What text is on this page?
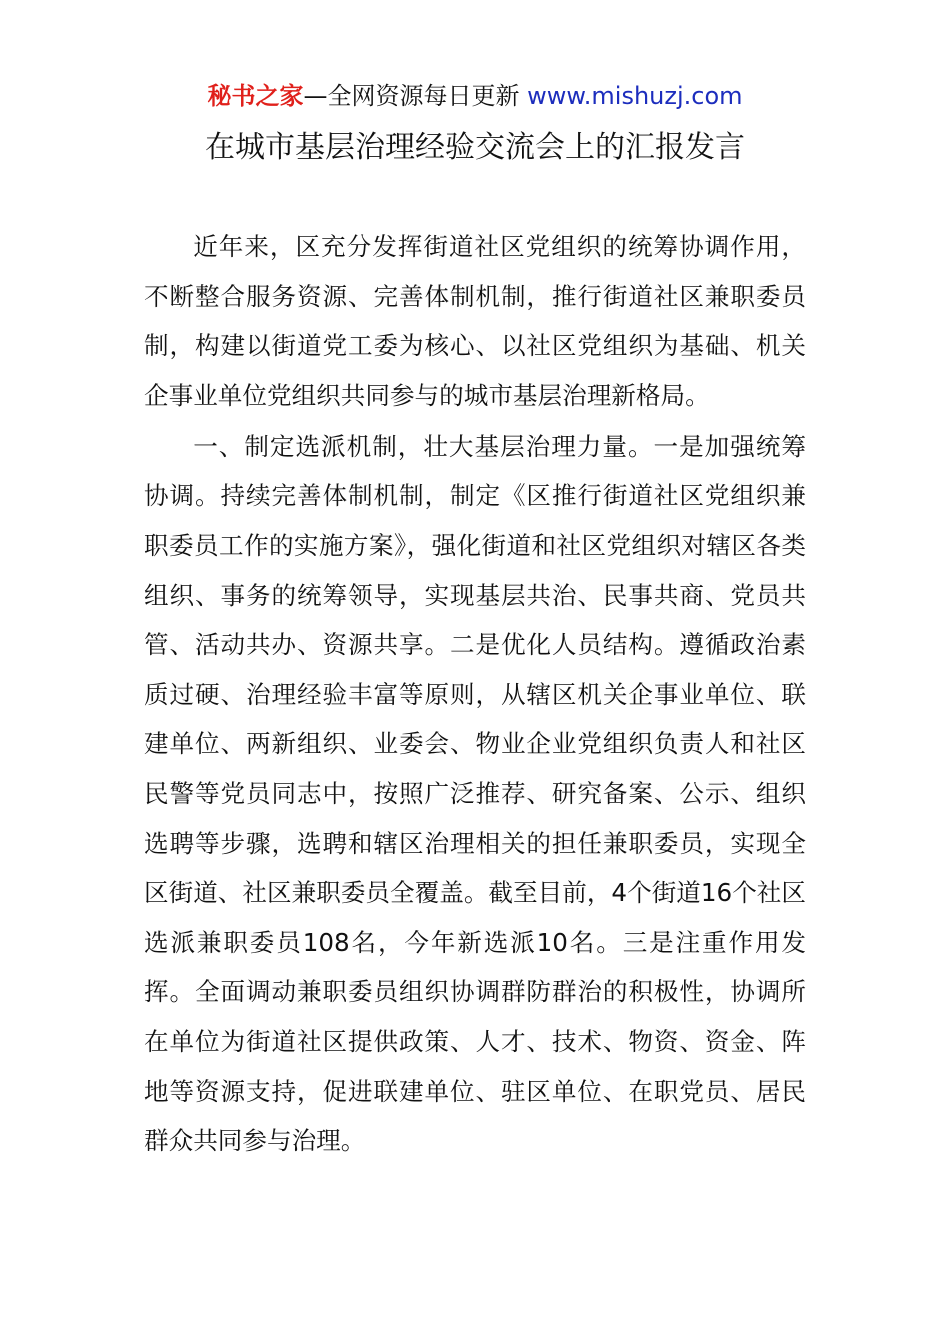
秘书之家—全网资源每日更新 www.mishuzj.com
在城市基层治理经验交流会上的汇报发言

近年来，区充分发挥街道社区党组织的统筹协调作用，不断整合服务资源、完善体制机制，推行街道社区兼职委员制，构建以街道党工委为核心、以社区党组织为基础、机关企事业单位党组织共同参与的城市基层治理新格局。

一、制定选派机制，壮大基层治理力量。一是加强统筹协调。持续完善体制机制，制定《区推行街道社区党组织兼职委员工作的实施方案》，强化街道和社区党组织对辖区各类组织、事务的统筹领导，实现基层共治、民事共商、党员共管、活动共办、资源共享。二是优化人员结构。遵循政治素质过硬、治理经验丰富等原则，从辖区机关企事业单位、联建单位、两新组织、业委会、物业企业党组织负责人和社区民警等党员同志中，按照广泛推荐、研究备案、公示、组织选聘等步骤，选聘和辖区治理相关的担任兼职委员，实现全区街道、社区兼职委员全覆盖。截至目前，4个街道16个社区选派兼职委员108名，今年新选派10名。三是注重作用发挥。全面调动兼职委员组织协调群防群治的积极性，协调所在单位为街道社区提供政策、人才、技术、物资、资金、阵地等资源支持，促进联建单位、驻区单位、在职党员、居民群众共同参与治理。
